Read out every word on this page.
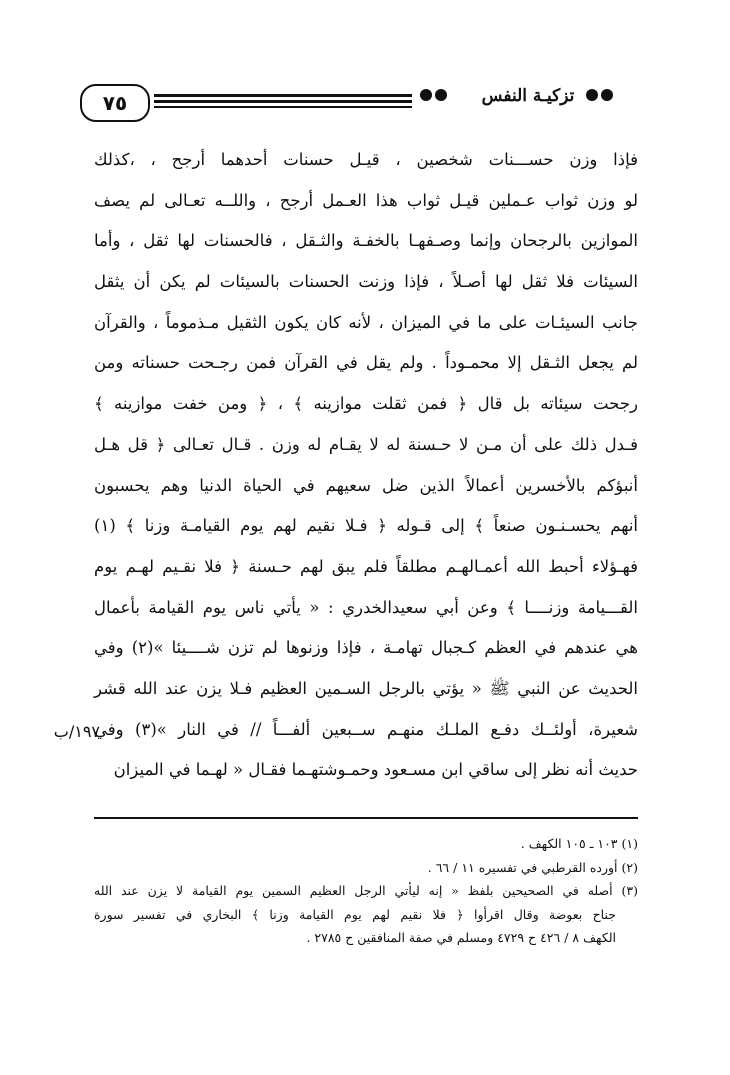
٧٥	تزكيـة النفس
فإذا وزن حســـنات شخصين ، قيـل حسنات أحدهما أرجح ، ،كذلك
لو وزن ثواب عـملين قيـل ثواب هذا العـمل أرجح ، واللــه تعـالى لم يصف
الموازين بالرجحان وإنما وصـفهـا بالخفـة والثـقل ، فالحسنات لها ثقل ، وأما
السيئات فلا ثقل لها أصـلاً ، فإذا وزنت الحسنات بالسيئات لم يكن أن يثقل
جانب السيئـات على ما في الميزان ، لأنه كان يكون الثقيل مـذموماً ، والقرآن
لم يجعل الثـقل إلا محمـوداً . ولم يقل في القرآن فمن رجـحت حسناته ومن
رجحت سيئاته بل قال ﴿ فمن ثقلت موازينه ﴾ ، ﴿ ومن خفت موازينه ﴾
فـدل ذلك على أن مـن لا حـسنة له لا يقـام له وزن . قـال تعـالى ﴿ قل هـل
أنبؤكم بالأخسرين أعمالاً الذين ضل سعيهم في الحياة الدنيا وهم يحسبون
أنهم يحسـنـون صنعاً ﴾ إلى قـوله ﴿ فـلا نقيم لهم يوم القيامـة وزنا ﴾ (١)
فهـؤلاء أحبط الله أعمـالهـم مطلقاً فلم يبق لهم حـسنة ﴿ فلا نقـيم لهـم يوم
القـــيامة وزنــــا ﴾ وعن أبي سعيدالخدري : « يأتي ناس يوم القيامة بأعمال
هي عندهم في العظم كـجبال تهامـة ، فإذا وزنوها لم تزن شــــيئا »(٢) وفي
الحديث عن النبي ﷺ « يؤتي بالرجل السـمين العظيم فـلا يزن عند الله قشر
شعيرة، أولئــك دفـع الملـك منهـم ســبعين ألفـــاً // في النار »(٣) وفي
حديث أنه نظر إلى ساقي ابن مسـعود وحمـوشتهـما فقـال « لهـما في الميزان
١٩٧/ب
(١) ١٠٣ ـ ١٠٥ الكهف .
(٢) أورده القرطبي في تفسيره ١١ / ٦٦ .
(٣) أصله في الصحيحين بلفظ « إنه ليأتي الرجل العظيم السمين يوم القيامة لا يزن عند الله
جناح بعوضة وقال اقرأوا ﴿ فلا نقيم لهم يوم القيامة وزنا ﴾ البخاري في تفسير سورة
الكهف ٨ / ٤٢٦ ح ٤٧٢٩ ومسلم في صفة المنافقين ح ٢٧٨٥ .
